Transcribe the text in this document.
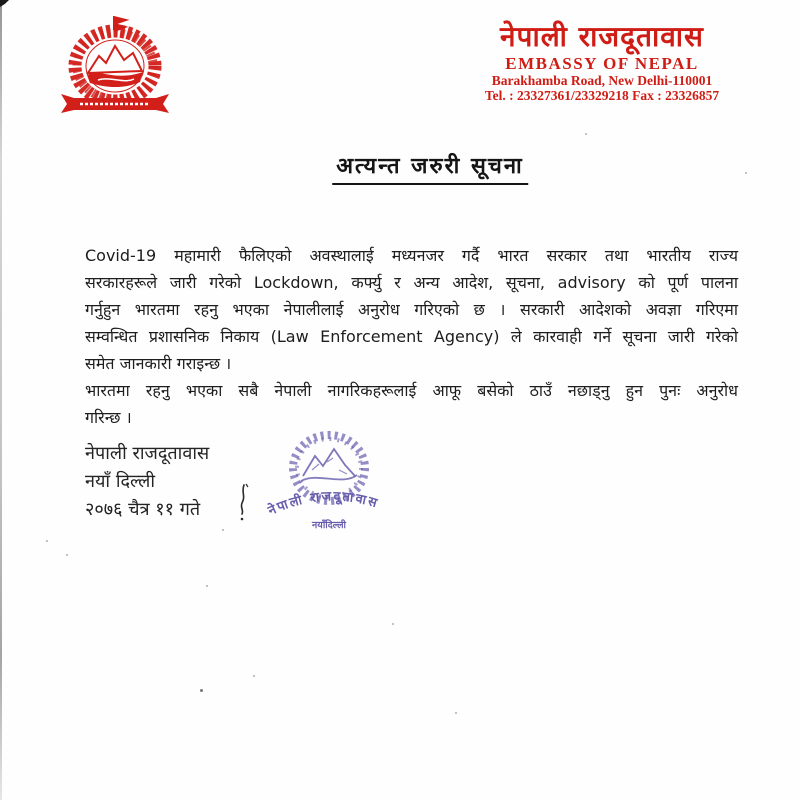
नेपाली राजदूतावास
EMBASSY OF NEPAL
Barakhamba Road, New Delhi-110001
Tel. : 23327361/23329218 Fax : 23326857
अत्यन्त जरुरी सूचना
Covid-19 महामारी फैलिएको अवस्थालाई मध्यनजर गर्दै भारत सरकार तथा भारतीय राज्य
सरकारहरूले जारी गरेको Lockdown, कर्फ्यु र अन्य आदेश, सूचना, advisory को पूर्ण पालना
गर्नुहुन भारतमा रहनु भएका नेपालीलाई अनुरोध गरिएको छ । सरकारी आदेशको अवज्ञा गरिएमा
सम्वन्धित प्रशासनिक निकाय (Law Enforcement Agency) ले कारवाही गर्ने सूचना जारी गरेको
समेत जानकारी गराइन्छ ।
भारतमा रहनु भएका सबै नेपाली नागरिकहरूलाई आफू बसेको ठाउँ नछाड्नु हुन पुनः अनुरोध
गरिन्छ ।
नेपाली राजदूतावास
नयाँ दिल्ली
२०७६ चैत्र ११ गते	नेपाली राजदूतावास
नयाँदिल्ली
